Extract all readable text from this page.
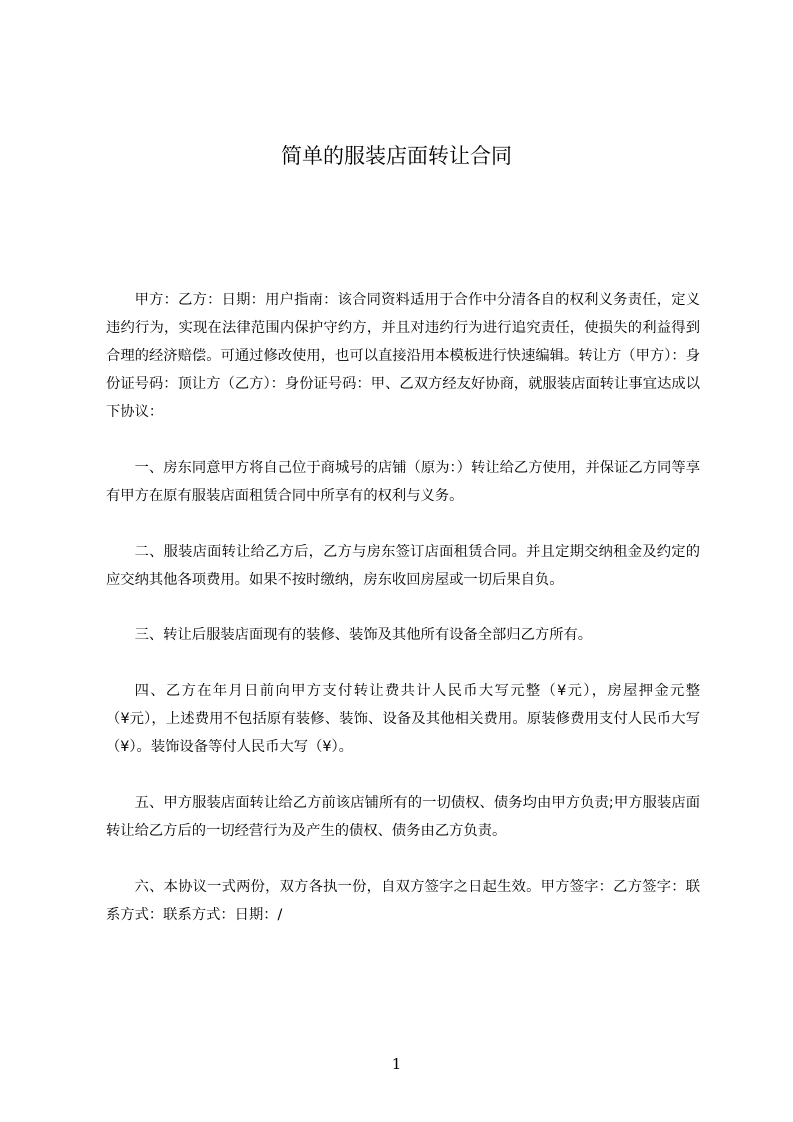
简单的服装店面转让合同

甲方：乙方：日期：用户指南：该合同资料适用于合作中分清各自的权利义务责任，定义违约行为，实现在法律范围内保护守约方，并且对违约行为进行追究责任，使损失的利益得到合理的经济赔偿。可通过修改使用，也可以直接沿用本模板进行快速编辑。转让方（甲方）：身份证号码：顶让方（乙方）：身份证号码：甲、乙双方经友好协商，就服装店面转让事宜达成以下协议：

一、房东同意甲方将自己位于商城号的店铺（原为：）转让给乙方使用，并保证乙方同等享有甲方在原有服装店面租赁合同中所享有的权利与义务。

二、服装店面转让给乙方后，乙方与房东签订店面租赁合同。并且定期交纳租金及约定的应交纳其他各项费用。如果不按时缴纳，房东收回房屋或一切后果自负。

三、转让后服装店面现有的装修、装饰及其他所有设备全部归乙方所有。

四、乙方在年月日前向甲方支付转让费共计人民币大写元整（¥元），房屋押金元整（¥元），上述费用不包括原有装修、装饰、设备及其他相关费用。原装修费用支付人民币大写（¥）。装饰设备等付人民币大写（¥）。

五、甲方服装店面转让给乙方前该店铺所有的一切债权、债务均由甲方负责;甲方服装店面转让给乙方后的一切经营行为及产生的债权、债务由乙方负责。

六、本协议一式两份，双方各执一份，自双方签字之日起生效。甲方签字：乙方签字：联系方式：联系方式：日期：/

1
